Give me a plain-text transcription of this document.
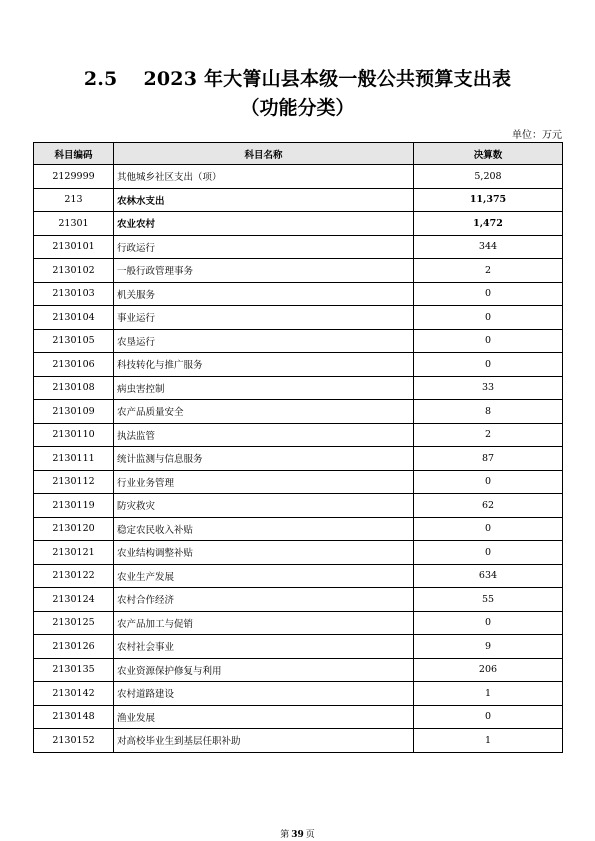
2.5 2023 年大箐山县本级一般公共预算支出表
（功能分类）
单位：万元
科目编码	科目名称	决算数
2129999	其他城乡社区支出（项）	5,208
213	农林水支出	11,375
21301	农业农村	1,472
2130101	行政运行	344
2130102	一般行政管理事务	2
2130103	机关服务	0
2130104	事业运行	0
2130105	农垦运行	0
2130106	科技转化与推广服务	0
2130108	病虫害控制	33
2130109	农产品质量安全	8
2130110	执法监管	2
2130111	统计监测与信息服务	87
2130112	行业业务管理	0
2130119	防灾救灾	62
2130120	稳定农民收入补贴	0
2130121	农业结构调整补贴	0
2130122	农业生产发展	634
2130124	农村合作经济	55
2130125	农产品加工与促销	0
2130126	农村社会事业	9
2130135	农业资源保护修复与利用	206
2130142	农村道路建设	1
2130148	渔业发展	0
2130152	对高校毕业生到基层任职补助	1
第 39 页
